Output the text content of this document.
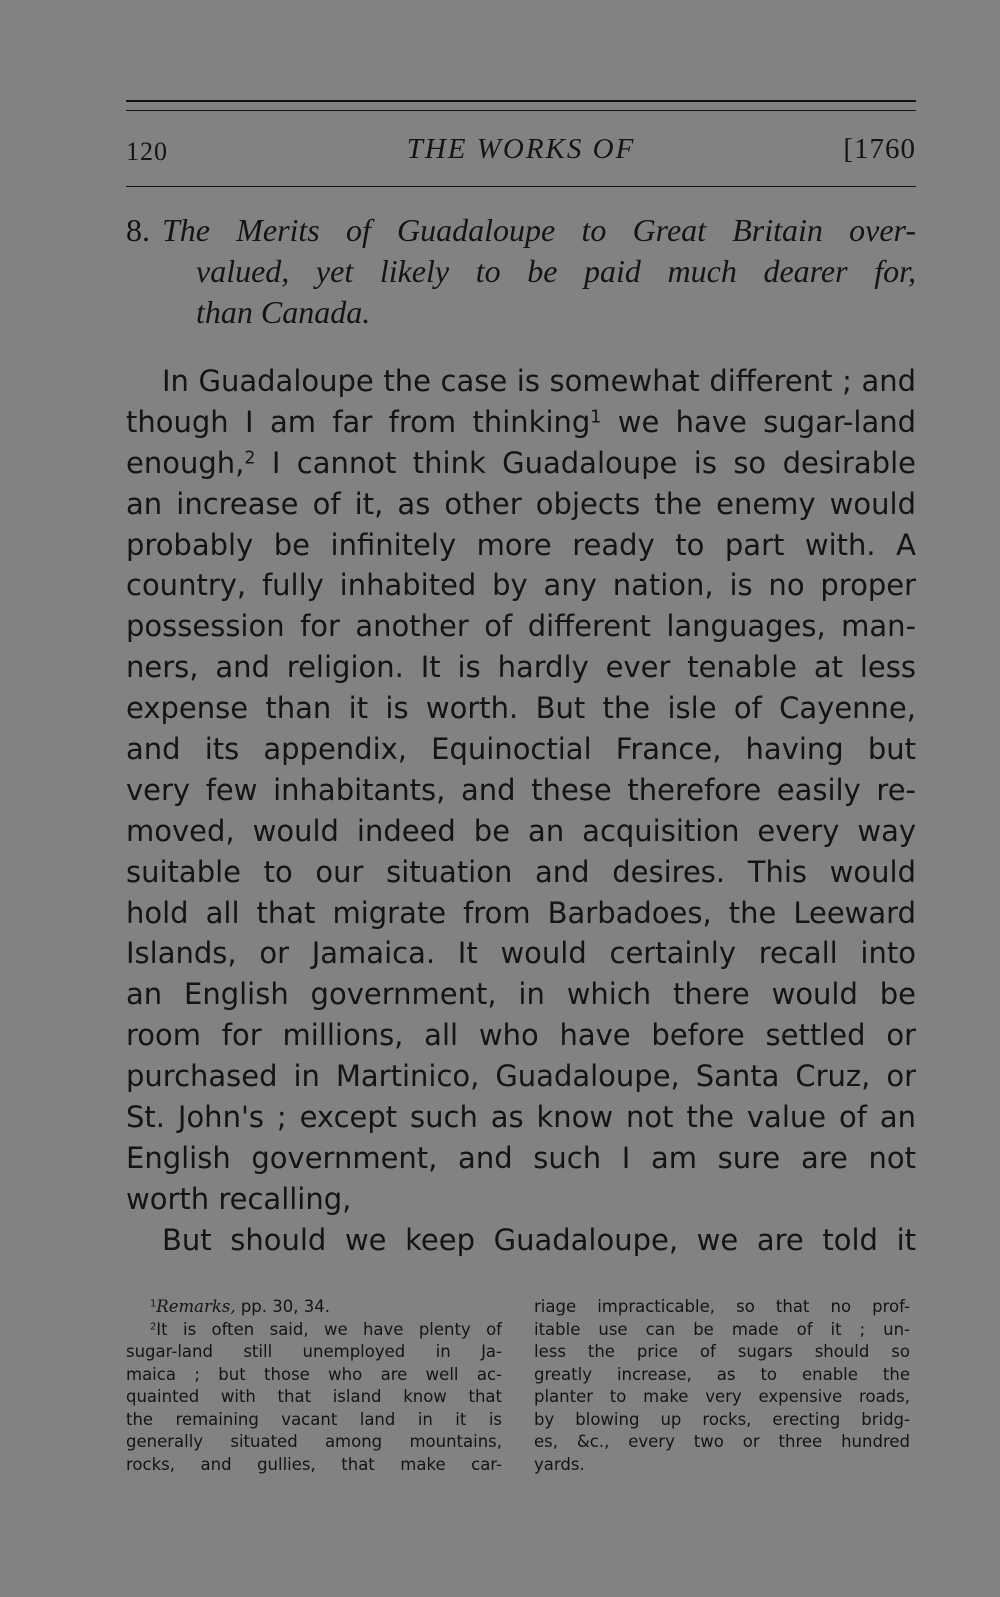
120	THE WORKS OF	[1760
8. The Merits of Guadaloupe to Great Britain over-
valued, yet likely to be paid much dearer for,
than Canada.
In Guadaloupe the case is somewhat different ; and
though I am far from thinking$^1$ we have sugar-land
enough,$^2$ I cannot think Guadaloupe is so desirable
an increase of it, as other objects the enemy would
probably be infinitely more ready to part with. A
country, fully inhabited by any nation, is no proper
possession for another of different languages, man-
ners, and religion. It is hardly ever tenable at less
expense than it is worth. But the isle of Cayenne,
and its appendix, Equinoctial France, having but
very few inhabitants, and these therefore easily re-
moved, would indeed be an acquisition every way
suitable to our situation and desires. This would
hold all that migrate from Barbadoes, the Leeward
Islands, or Jamaica. It would certainly recall into
an English government, in which there would be
room for millions, all who have before settled or
purchased in Martinico, Guadaloupe, Santa Cruz, or
St. John's ; except such as know not the value of an
English government, and such I am sure are not
worth recalling,
But should we keep Guadaloupe, we are told it
$^1$Remarks, pp. 30, 34.
$^2$It is often said, we have plenty of
sugar-land still unemployed in Ja-
maica ; but those who are well ac-
quainted with that island know that
the remaining vacant land in it is
generally situated among mountains,
rocks, and gullies, that make car-
riage impracticable, so that no prof-
itable use can be made of it ; un-
less the price of sugars should so
greatly increase, as to enable the
planter to make very expensive roads,
by blowing up rocks, erecting bridg-
es, &c., every two or three hundred
yards.
